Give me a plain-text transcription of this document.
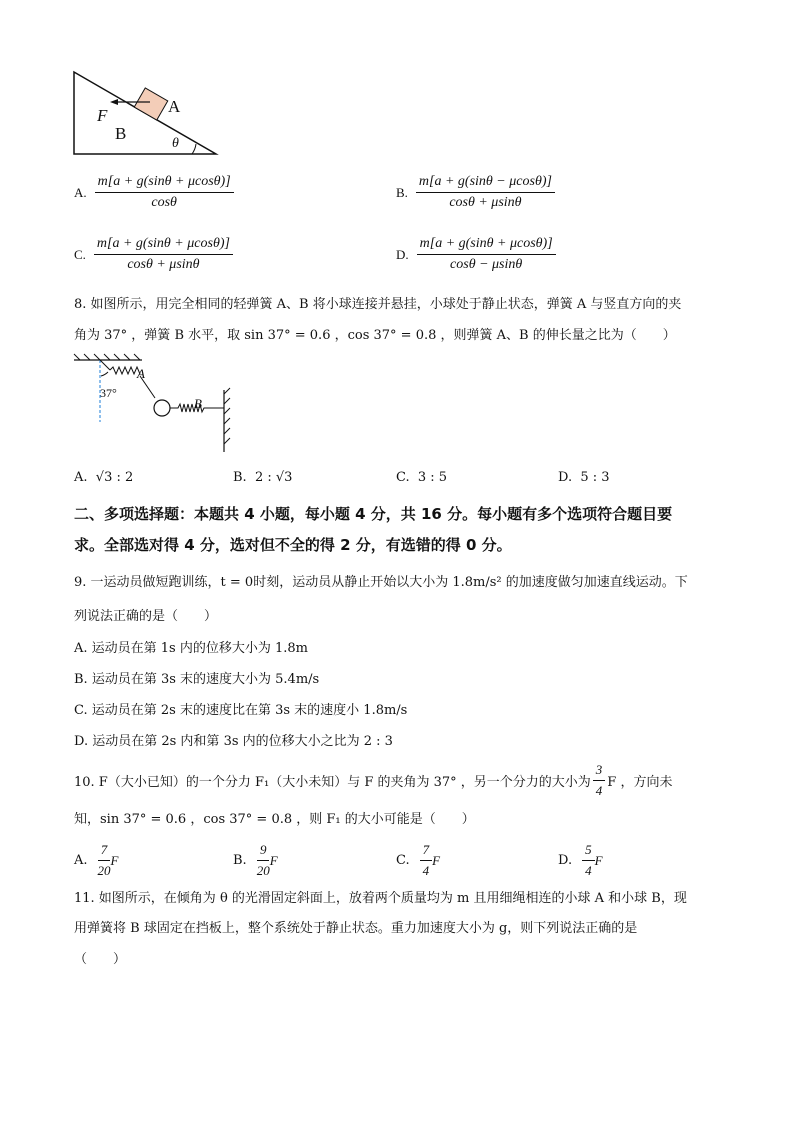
A
F
B
θ
A. $\frac{m[a + g(\sin\theta + \mu\cos\theta)]}{\cos\theta}$	B. $\frac{m[a + g(\sin\theta - \mu\cos\theta)]}{\cos\theta + \mu\sin\theta}$
C. $\frac{m[a + g(\sin\theta + \mu\cos\theta)]}{\cos\theta + \mu\sin\theta}$	D. $\frac{m[a + g(\sin\theta + \mu\cos\theta)]}{\cos\theta - \mu\sin\theta}$
8. 如图所示，用完全相同的轻弹簧 A、B 将小球连接并悬挂，小球处于静止状态，弹簧 A 与竖直方向的夹
角为 37° ，弹簧 B 水平，取 sin 37° = 0.6 ，cos 37° = 0.8 ，则弹簧 A、B 的伸长量之比为（　　）
A
B
37°
A. √3 : 2	B. 2 : √3	C. 3 : 5	D. 5 : 3
二、多项选择题：本题共 4 小题，每小题 4 分，共 16 分。每小题有多个选项符合题目要
求。全部选对得 4 分，选对但不全的得 2 分，有选错的得 0 分。
9. 一运动员做短跑训练，t = 0时刻，运动员从静止开始以大小为 1.8m/s² 的加速度做匀加速直线运动。下
列说法正确的是（　　）
A. 运动员在第 1s 内的位移大小为 1.8m
B. 运动员在第 3s 末的速度大小为 5.4m/s
C. 运动员在第 2s 末的速度比在第 3s 末的速度小 1.8m/s
D. 运动员在第 2s 内和第 3s 内的位移大小之比为 2 : 3
10. F（大小已知）的一个分力 F₁（大小未知）与 F 的夹角为 37° ，另一个分力的大小为 $\frac{3}{4}$ F ，方向未
知，sin 37° = 0.6 ，cos 37° = 0.8 ，则 F₁ 的大小可能是（　　）
A. $\frac{7}{20}$ F	B. $\frac{9}{20}$ F	C. $\frac{7}{4}$ F	D. $\frac{5}{4}$ F
11. 如图所示，在倾角为 θ 的光滑固定斜面上，放着两个质量均为 m 且用细绳相连的小球 A 和小球 B，现
用弹簧将 B 球固定在挡板上，整个系统处于静止状态。重力加速度大小为 g，则下列说法正确的是
（　　）
